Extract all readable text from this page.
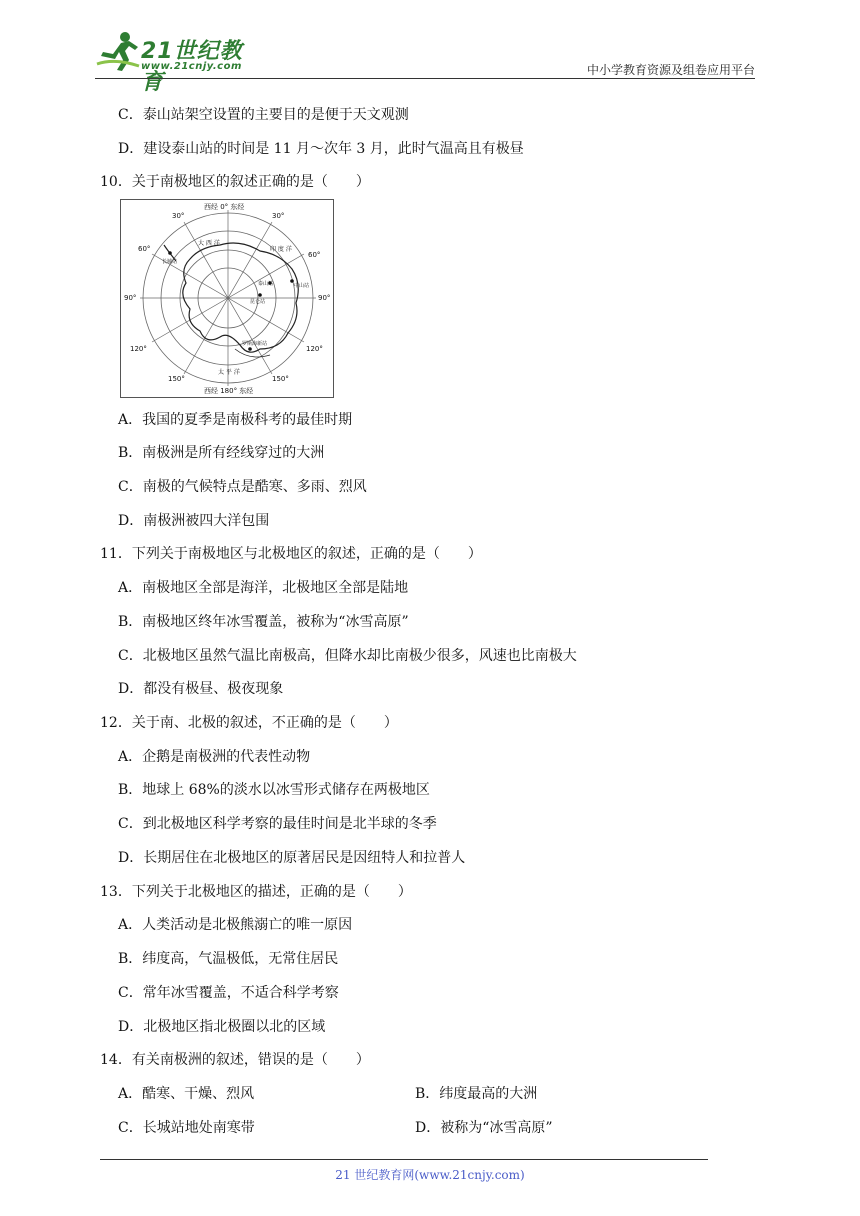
21世纪教育
www.21cnjy.com	中小学教育资源及组卷应用平台
C．泰山站架空设置的主要目的是便于天文观测
D．建设泰山站的时间是 11 月～次年 3 月，此时气温高且有极昼
10．关于南极地区的叙述正确的是（　　）
西经 0° 东经
西经 180° 东经
30°	30°
60°
60°
90°	90°
120°	120°
150°	150°
大 西 洋
印 度 洋
太 平 洋
长城站
中山站
泰山站
昆仑站
罗斯海新站
A．我国的夏季是南极科考的最佳时期
B．南极洲是所有经线穿过的大洲
C．南极的气候特点是酷寒、多雨、烈风
D．南极洲被四大洋包围
11．下列关于南极地区与北极地区的叙述，正确的是（　　）
A．南极地区全部是海洋，北极地区全部是陆地
B．南极地区终年冰雪覆盖，被称为“冰雪高原”
C．北极地区虽然气温比南极高，但降水却比南极少很多，风速也比南极大
D．都没有极昼、极夜现象
12．关于南、北极的叙述，不正确的是（　　）
A．企鹅是南极洲的代表性动物
B．地球上 68%的淡水以冰雪形式储存在两极地区
C．到北极地区科学考察的最佳时间是北半球的冬季
D．长期居住在北极地区的原著居民是因纽特人和拉普人
13．下列关于北极地区的描述，正确的是（　　）
A．人类活动是北极熊溺亡的唯一原因
B．纬度高，气温极低，无常住居民
C．常年冰雪覆盖，不适合科学考察
D．北极地区指北极圈以北的区域
14．有关南极洲的叙述，错误的是（　　）
A．酷寒、干燥、烈风	B．纬度最高的大洲
C．长城站地处南寒带	D．被称为“冰雪高原”
21 世纪教育网(www.21cnjy.com)
